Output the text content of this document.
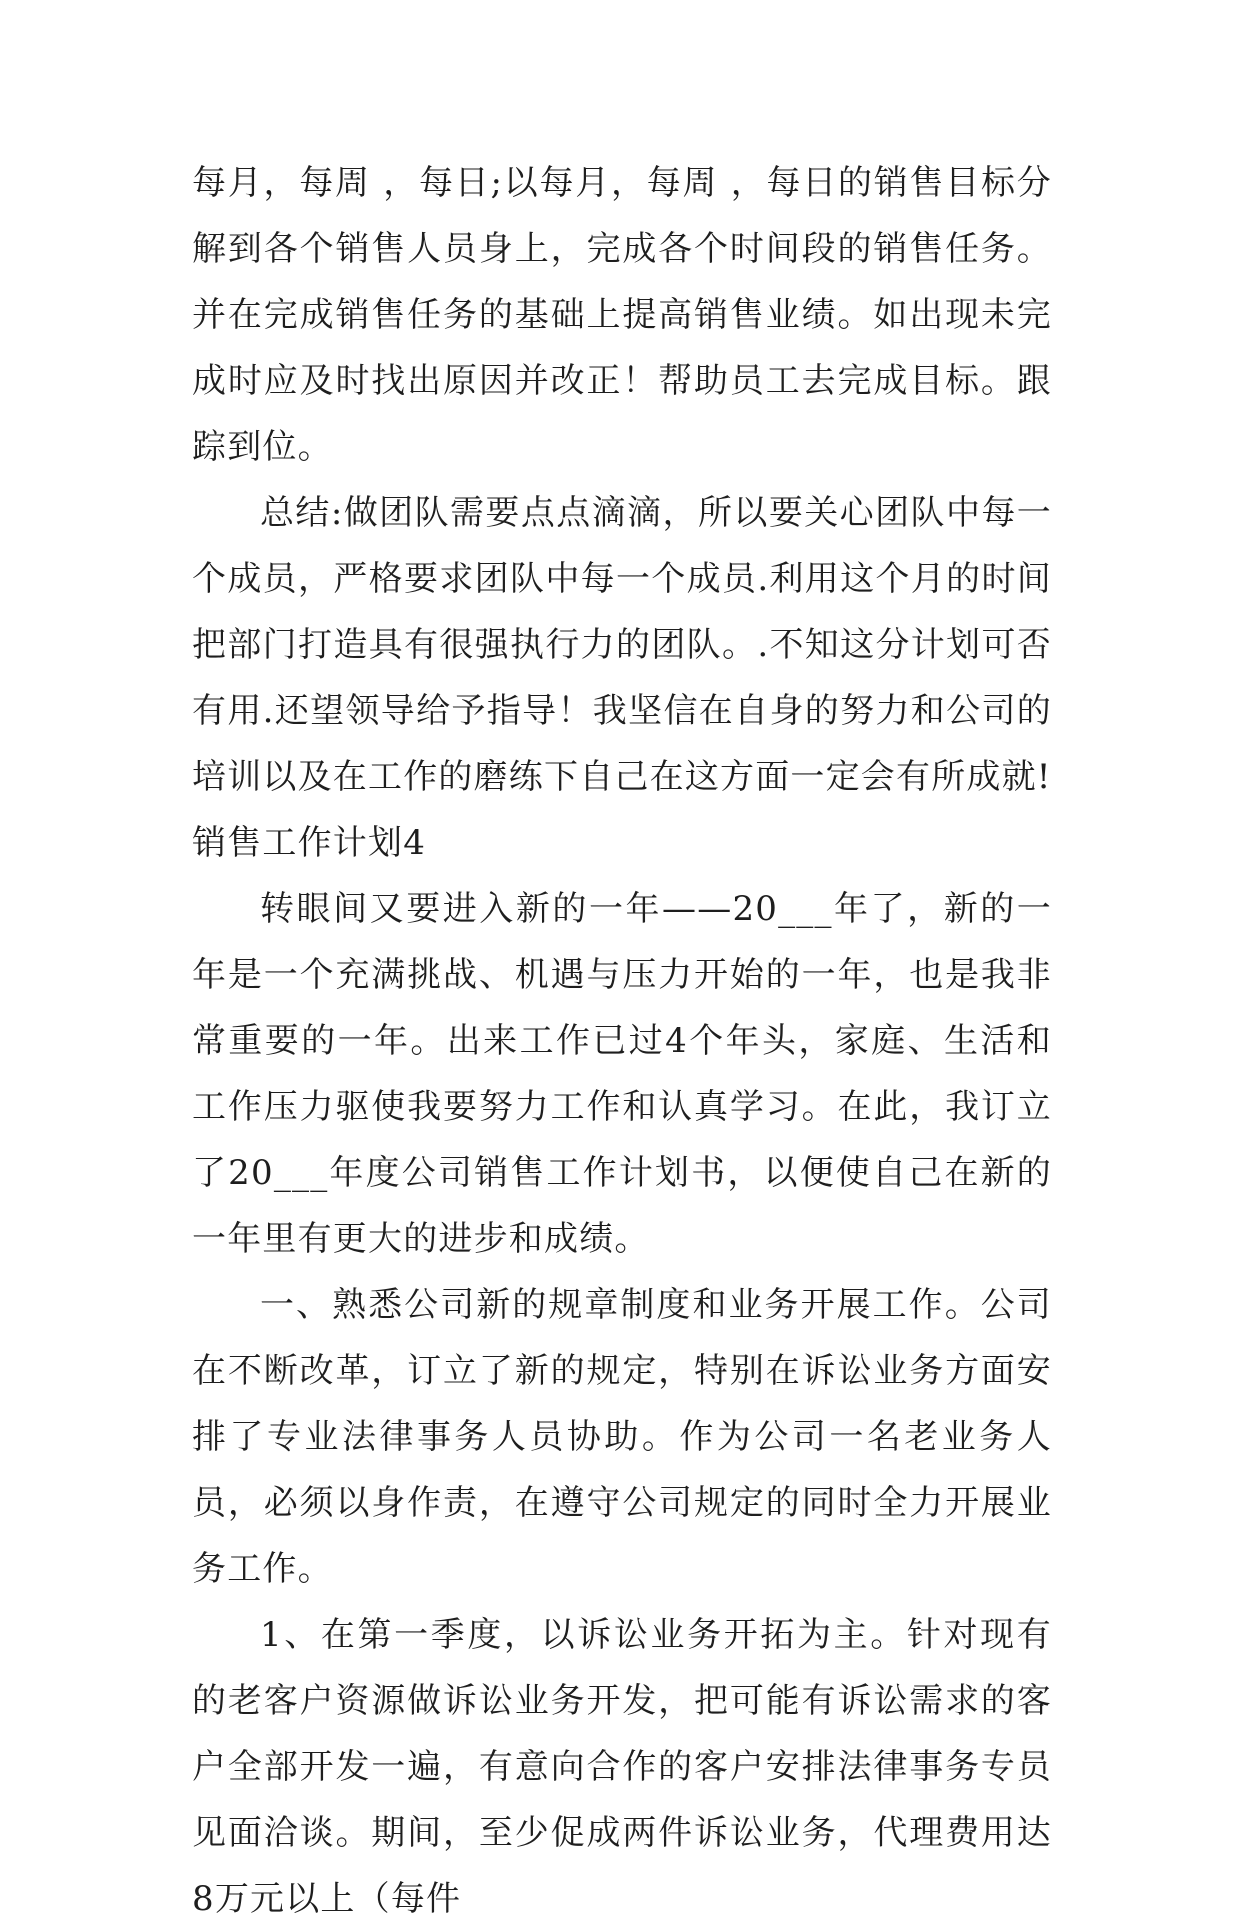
每月，每周 ，每日;以每月，每周 ，每日的销售目标分解到各个销售人员身上，完成各个时间段的销售任务。并在完成销售任务的基础上提高销售业绩。如出现未完成时应及时找出原因并改正！帮助员工去完成目标。跟踪到位。

总结:做团队需要点点滴滴，所以要关心团队中每一个成员，严格要求团队中每一个成员.利用这个月的时间把部门打造具有很强执行力的团队。.不知这分计划可否有用.还望领导给予指导！我坚信在自身的努力和公司的培训以及在工作的磨练下自己在这方面一定会有所成就!

销售工作计划4

转眼间又要进入新的一年——20___年了，新的一年是一个充满挑战、机遇与压力开始的一年，也是我非常重要的一年。出来工作已过4个年头，家庭、生活和工作压力驱使我要努力工作和认真学习。在此，我订立了20___年度公司销售工作计划书，以便使自己在新的一年里有更大的进步和成绩。

一、熟悉公司新的规章制度和业务开展工作。公司在不断改革，订立了新的规定，特别在诉讼业务方面安排了专业法律事务人员协助。作为公司一名老业务人员，必须以身作责，在遵守公司规定的同时全力开展业务工作。

1、在第一季度，以诉讼业务开拓为主。针对现有的老客户资源做诉讼业务开发，把可能有诉讼需求的客户全部开发一遍，有意向合作的客户安排法律事务专员见面洽谈。期间，至少促成两件诉讼业务，代理费用达8万元以上（每件
